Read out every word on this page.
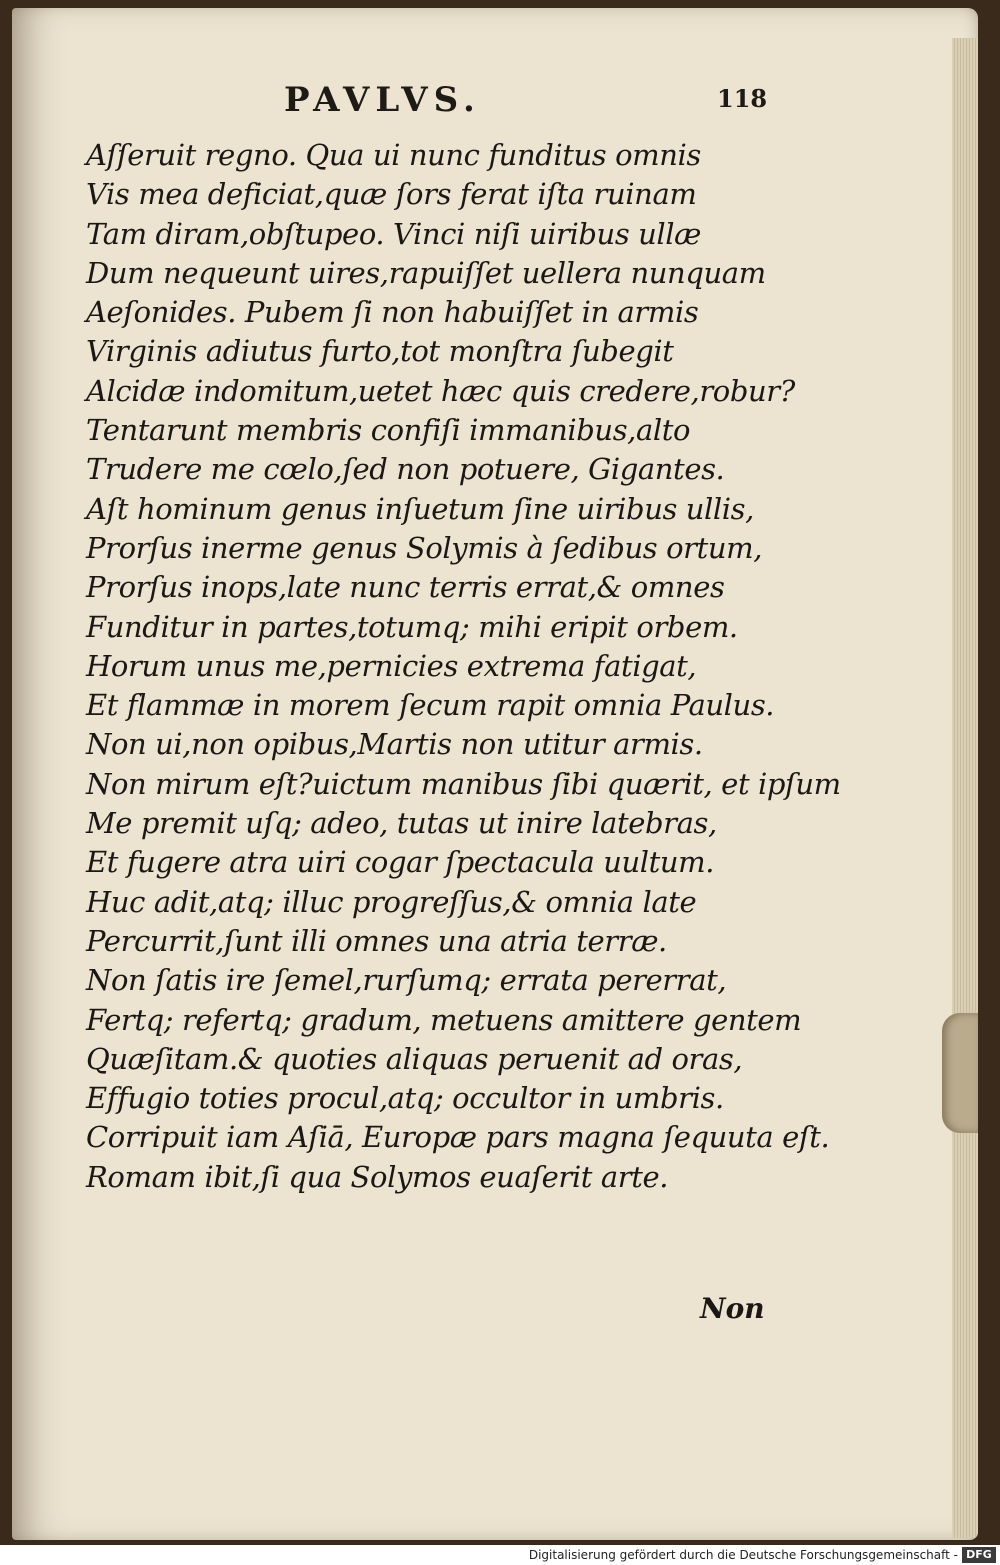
PAVLVS.	118
Aſſeruit regno. Qua ui nunc funditus omnis
Vis mea deficiat,quæ ſors ferat iſta ruinam
Tam diram,obſtupeo. Vinci niſi uiribus ullæ
Dum nequeunt uires,rapuiſſet uellera nunquam
Aeſonides. Pubem ſi non habuiſſet in armis
Virginis adiutus furto,tot monſtra ſubegit
Alcidæ indomitum,uetet hæc quis credere,robur?
Tentarunt membris confiſi immanibus,alto
Trudere me cœlo,ſed non potuere, Gigantes.
Aſt hominum genus inſuetum ſine uiribus ullis,
Prorſus inerme genus Solymis à ſedibus ortum,
Prorſus inops,late nunc terris errat,& omnes
Funditur in partes,totumq; mihi eripit orbem.
Horum unus me,pernicies extrema fatigat,
Et flammæ in morem ſecum rapit omnia Paulus.
Non ui,non opibus,Martis non utitur armis.
Non mirum eſt?uictum manibus ſibi quærit, et ipſum
Me premit uſq; adeo, tutas ut inire latebras,
Et fugere atra uiri cogar ſpectacula uultum.
Huc adit,atq; illuc progreſſus,& omnia late
Percurrit,ſunt illi omnes una atria terræ.
Non ſatis ire ſemel,rurſumq; errata pererrat,
Fertq; refertq; gradum, metuens amittere gentem
Quæſitam.& quoties aliquas peruenit ad oras,
Effugio toties procul,atq; occultor in umbris.
Corripuit iam Aſiā, Europæ pars magna ſequuta eſt.
Romam ibit,ſi qua Solymos euaſerit arte.
Non
Digitalisierung gefördert durch die Deutsche Forschungsgemeinschaft - DFG
